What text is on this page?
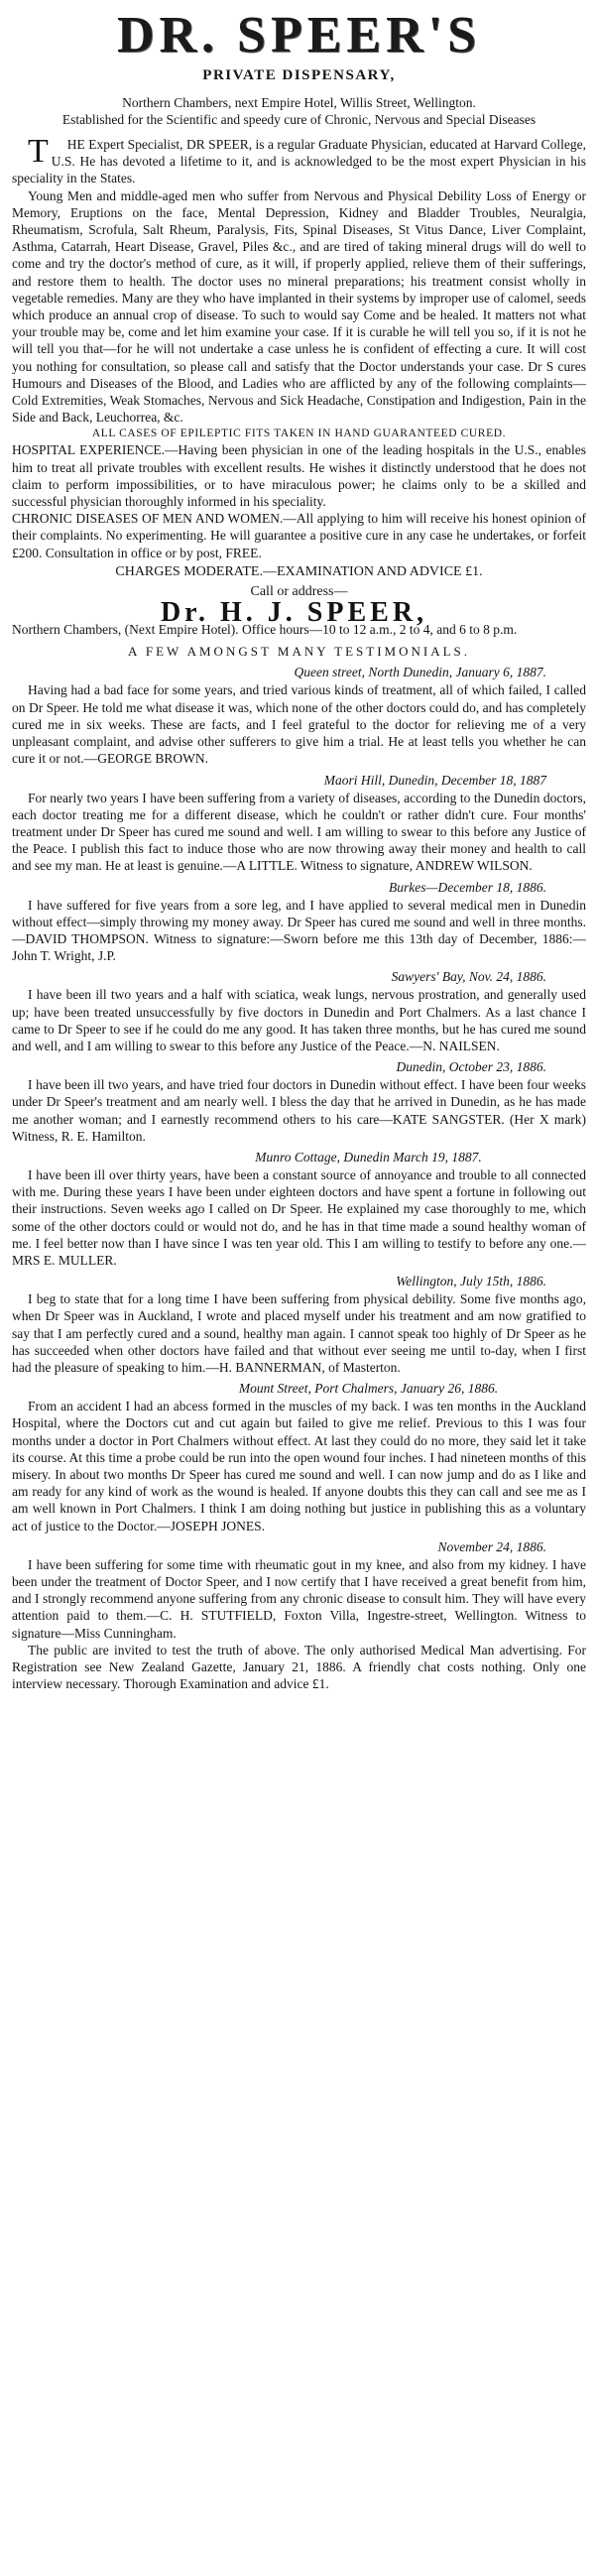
DR. SPEER'S
PRIVATE DISPENSARY,
Northern Chambers, next Empire Hotel, Willis Street, Wellington.
Established for the Scientific and speedy cure of Chronic, Nervous and Special Diseases

THE Expert Specialist, DR SPEER, is a regular Graduate Physician, educated at Harvard College, U.S. He has devoted a lifetime to it, and is acknowledged to be the most expert Physician in his speciality in the States.

Young Men and middle-aged men who suffer from Nervous and Physical Debility Loss of Energy or Memory, Eruptions on the face, Mental Depression, Kidney and Bladder Troubles, Neuralgia, Rheumatism, Scrofula, Salt Rheum, Paralysis, Fits, Spinal Diseases, St Vitus Dance, Liver Complaint, Asthma, Catarrah, Heart Disease, Gravel, Piles &c., and are tired of taking mineral drugs will do well to come and try the doctor's method of cure, as it will, if properly applied, relieve them of their sufferings, and restore them to health. The doctor uses no mineral preparations; his treatment consist wholly in vegetable remedies. Many are they who have implanted in their systems by improper use of calomel, seeds which produce an annual crop of disease. To such to would say Come and be healed. It matters not what your trouble may be, come and let him examine your case. If it is curable he will tell you so, if it is not he will tell you that—for he will not undertake a case unless he is confident of effecting a cure. It will cost you nothing for consultation, so please call and satisfy that the Doctor understands your case. Dr S cures Humours and Diseases of the Blood, and Ladies who are afflicted by any of the following complaints—Cold Extremities, Weak Stomaches, Nervous and Sick Headache, Constipation and Indigestion, Pain in the Side and Back, Leuchorrea, &c.

ALL CASES OF EPILEPTIC FITS TAKEN IN HAND GUARANTEED CURED.

HOSPITAL EXPERIENCE.—Having been physician in one of the leading hospitals in the U.S., enables him to treat all private troubles with excellent results. He wishes it distinctly understood that he does not claim to perform impossibilities, or to have miraculous power; he claims only to be a skilled and successful physician thoroughly informed in his speciality.

CHRONIC DISEASES OF MEN AND WOMEN.—All applying to him will receive his honest opinion of their complaints. No experimenting. He will guarantee a positive cure in any case he undertakes, or forfeit £200. Consultation in office or by post, FREE.

CHARGES MODERATE.—EXAMINATION AND ADVICE £1.
Call or address—
Dr. H. J. SPEER,

Northern Chambers, (Next Empire Hotel). Office hours—10 to 12 a.m., 2 to 4, and 6 to 8 p.m.

A FEW AMONGST MANY TESTIMONIALS.
Queen street, North Dunedin, January 6, 1887.

Having had a bad face for some years, and tried various kinds of treatment, all of which failed, I called on Dr Speer. He told me what disease it was, which none of the other doctors could do, and has completely cured me in six weeks. These are facts, and I feel grateful to the doctor for relieving me of a very unpleasant complaint, and advise other sufferers to give him a trial. He at least tells you whether he can cure it or not.—GEORGE BROWN.

Maori Hill, Dunedin, December 18, 1887

For nearly two years I have been suffering from a variety of diseases, according to the Dunedin doctors, each doctor treating me for a different disease, which he couldn't or rather didn't cure. Four months' treatment under Dr Speer has cured me sound and well. I am willing to swear to this before any Justice of the Peace. I publish this fact to induce those who are now throwing away their money and health to call and see my man. He at least is genuine.—A LITTLE. Witness to signature, ANDREW WILSON.

Burkes—December 18, 1886.

I have suffered for five years from a sore leg, and I have applied to several medical men in Dunedin without effect—simply throwing my money away. Dr Speer has cured me sound and well in three months.—DAVID THOMPSON. Witness to signature:—Sworn before me this 13th day of December, 1886:—John T. Wright, J.P.

Sawyers' Bay, Nov. 24, 1886.

I have been ill two years and a half with sciatica, weak lungs, nervous prostration, and generally used up; have been treated unsuccessfully by five doctors in Dunedin and Port Chalmers. As a last chance I came to Dr Speer to see if he could do me any good. It has taken three months, but he has cured me sound and well, and I am willing to swear to this before any Justice of the Peace.—N. NAILSEN.

Dunedin, October 23, 1886.

I have been ill two years, and have tried four doctors in Dunedin without effect. I have been four weeks under Dr Speer's treatment and am nearly well. I bless the day that he arrived in Dunedin, as he has made me another woman; and I earnestly recommend others to his care—KATE SANGSTER. (Her X mark) Witness, R. E. Hamilton.

Munro Cottage, Dunedin March 19, 1887.

I have been ill over thirty years, have been a constant source of annoyance and trouble to all connected with me. During these years I have been under eighteen doctors and have spent a fortune in following out their instructions. Seven weeks ago I called on Dr Speer. He explained my case thoroughly to me, which some of the other doctors could or would not do, and he has in that time made a sound healthy woman of me. I feel better now than I have since I was ten year old. This I am willing to testify to before any one.—MRS E. MULLER.

Wellington, July 15th, 1886.

I beg to state that for a long time I have been suffering from physical debility. Some five months ago, when Dr Speer was in Auckland, I wrote and placed myself under his treatment and am now gratified to say that I am perfectly cured and a sound, healthy man again. I cannot speak too highly of Dr Speer as he has succeeded when other doctors have failed and that without ever seeing me until to-day, when I first had the pleasure of speaking to him.—H. BANNERMAN, of Masterton.

Mount Street, Port Chalmers, January 26, 1886.

From an accident I had an abcess formed in the muscles of my back. I was ten months in the Auckland Hospital, where the Doctors cut and cut again but failed to give me relief. Previous to this I was four months under a doctor in Port Chalmers without effect. At last they could do no more, they said let it take its course. At this time a probe could be run into the open wound four inches. I had nineteen months of this misery. In about two months Dr Speer has cured me sound and well. I can now jump and do as I like and am ready for any kind of work as the wound is healed. If anyone doubts this they can call and see me as I am well known in Port Chalmers. I think I am doing nothing but justice in publishing this as a voluntary act of justice to the Doctor.—JOSEPH JONES.

November 24, 1886.

I have been suffering for some time with rheumatic gout in my knee, and also from my kidney. I have been under the treatment of Doctor Speer, and I now certify that I have received a great benefit from him, and I strongly recommend anyone suffering from any chronic disease to consult him. They will have every attention paid to them.—C. H. STUTFIELD, Foxton Villa, Ingestre-street, Wellington. Witness to signature—Miss Cunningham.

The public are invited to test the truth of above. The only authorised Medical Man advertising. For Registration see New Zealand Gazette, January 21, 1886. A friendly chat costs nothing. Only one interview necessary. Thorough Examination and advice £1.
